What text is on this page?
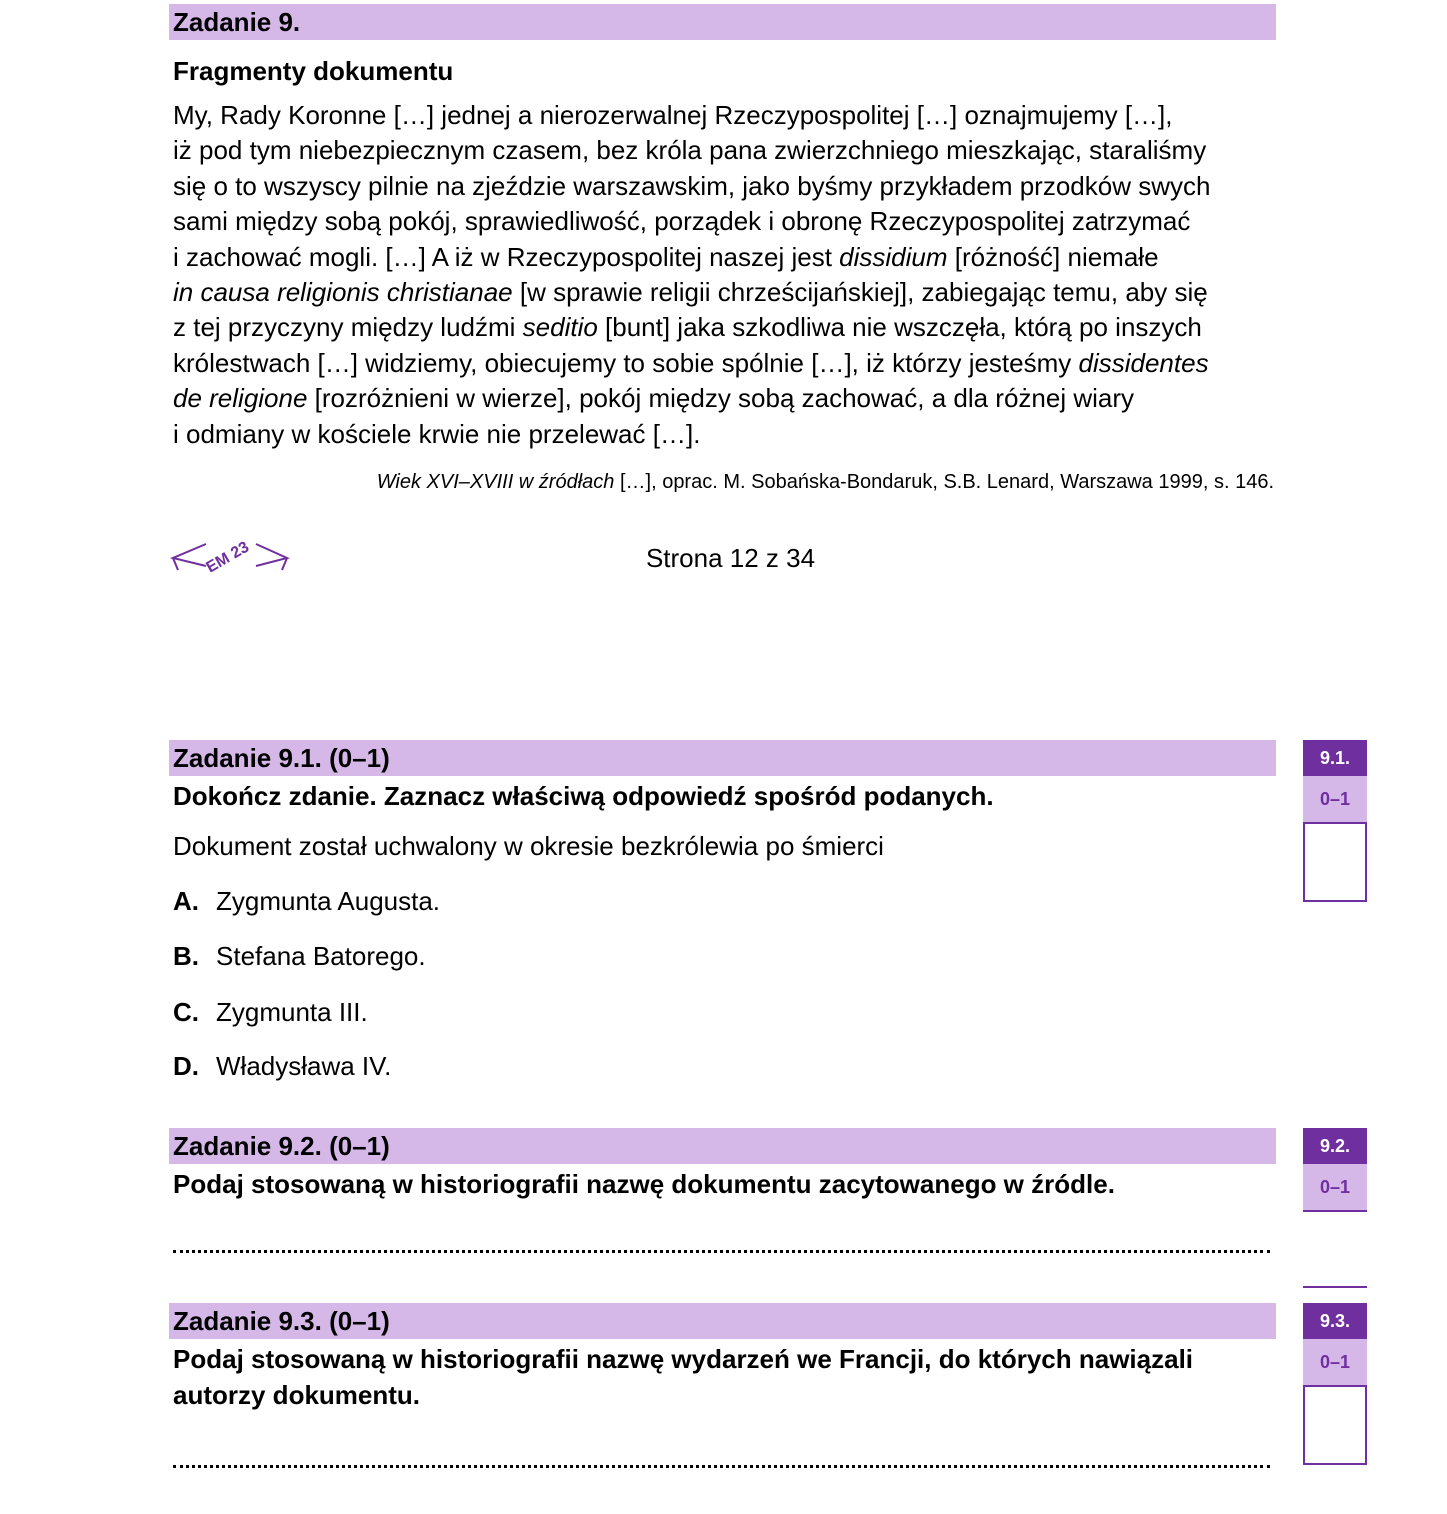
Zadanie 9.
Fragmenty dokumentu
My, Rady Koronne […] jednej a nierozerwalnej Rzeczypospolitej […] oznajmujemy […],
iż pod tym niebezpiecznym czasem, bez króla pana zwierzchniego mieszkając, staraliśmy
się o to wszyscy pilnie na zjeździe warszawskim, jako byśmy przykładem przodków swych
sami między sobą pokój, sprawiedliwość, porządek i obronę Rzeczypospolitej zatrzymać
i zachować mogli. […] A iż w Rzeczypospolitej naszej jest dissidium [różność] niemałe
in causa religionis christianae [w sprawie religii chrześcijańskiej], zabiegając temu, aby się
z tej przyczyny między ludźmi seditio [bunt] jaka szkodliwa nie wszczęła, którą po inszych
królestwach […] widziemy, obiecujemy to sobie spólnie […], iż którzy jesteśmy dissidentes
de religione [rozróżnieni w wierze], pokój między sobą zachować, a dla różnej wiary
i odmiany w kościele krwie nie przelewać […].
Wiek XVI–XVIII w źródłach […], oprac. M. Sobańska-Bondaruk, S.B. Lenard, Warszawa 1999, s. 146.
EM 23	Strona 12 z 34
Zadanie 9.1. (0–1)
Dokończ zdanie. Zaznacz właściwą odpowiedź spośród podanych.
Dokument został uchwalony w okresie bezkrólewia po śmierci
A. Zygmunta Augusta.
B. Stefana Batorego.
C. Zygmunta III.
D. Władysława IV.
9.1.
0–1
Zadanie 9.2. (0–1)
Podaj stosowaną w historiografii nazwę dokumentu zacytowanego w źródle.
9.2.
0–1
Zadanie 9.3. (0–1)
Podaj stosowaną w historiografii nazwę wydarzeń we Francji, do których nawiązali
autorzy dokumentu.
9.3.
0–1
